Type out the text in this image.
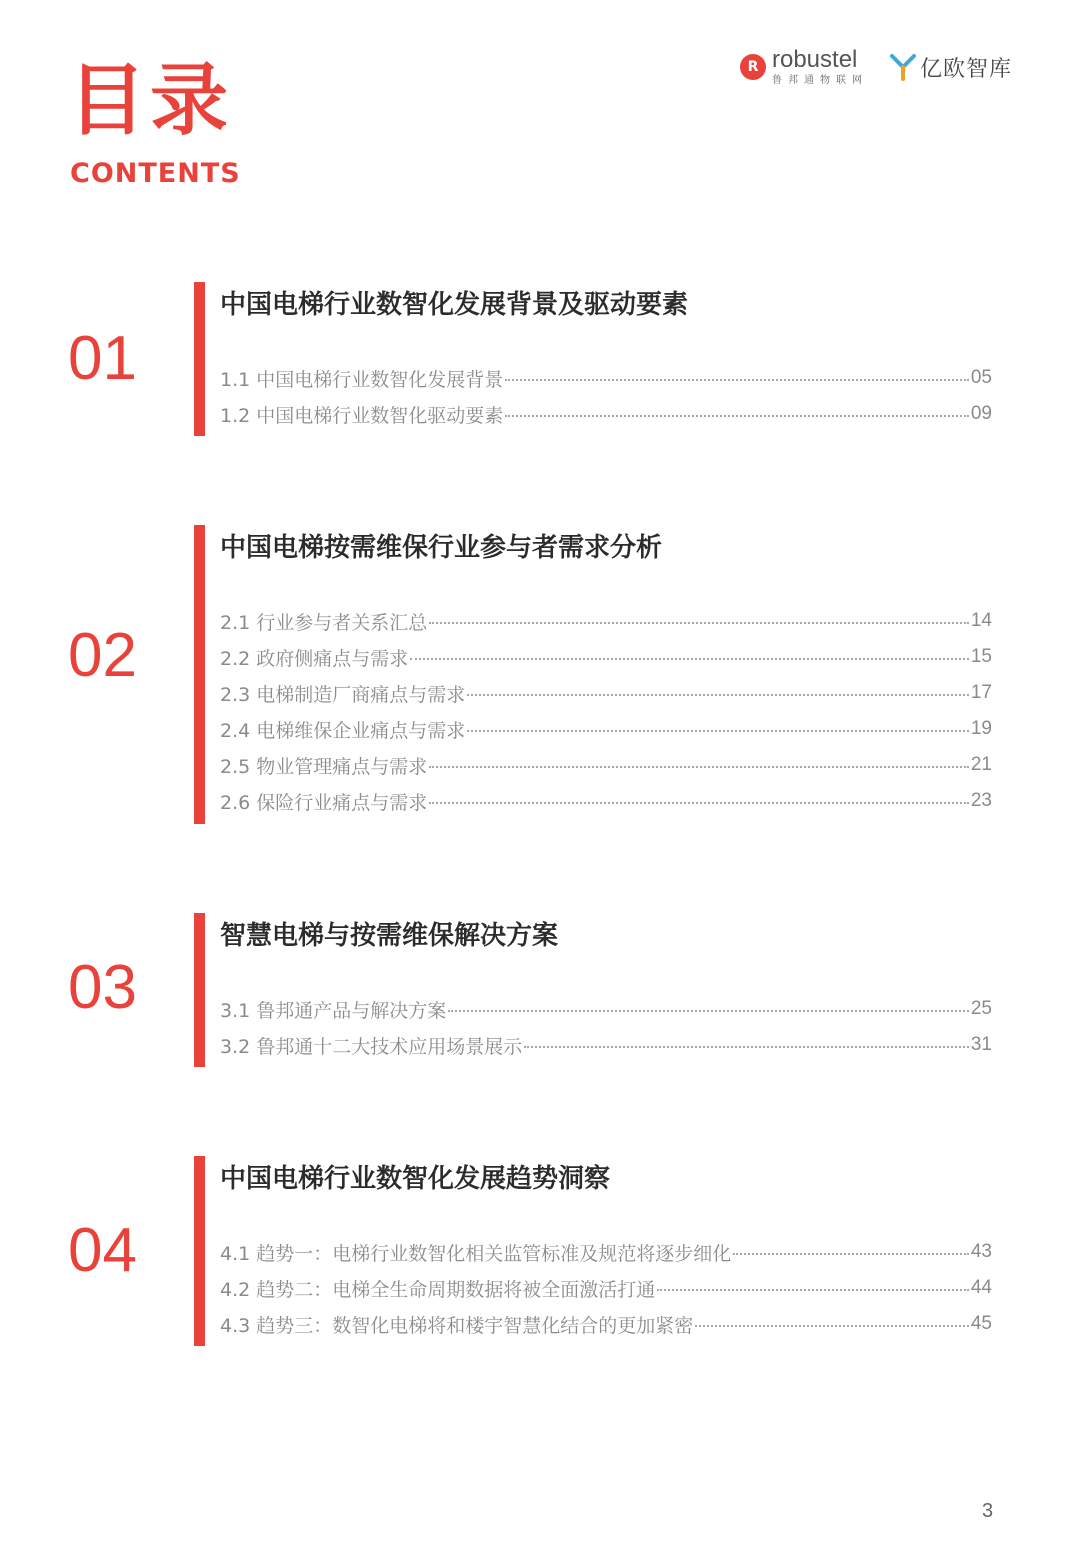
目录
CONTENTS
R robustel
鲁邦通物联网 亿欧智库
01
中国电梯行业数智化发展背景及驱动要素
1.1 中国电梯行业数智化发展背景	05
1.2 中国电梯行业数智化驱动要素	09
02
中国电梯按需维保行业参与者需求分析
2.1 行业参与者关系汇总	14
2.2 政府侧痛点与需求	15
2.3 电梯制造厂商痛点与需求	17
2.4 电梯维保企业痛点与需求	19
2.5 物业管理痛点与需求	21
2.6 保险行业痛点与需求	23
03
智慧电梯与按需维保解决方案
3.1 鲁邦通产品与解决方案	25
3.2 鲁邦通十二大技术应用场景展示	31
04
中国电梯行业数智化发展趋势洞察
4.1 趋势一：电梯行业数智化相关监管标准及规范将逐步细化	43
4.2 趋势二：电梯全生命周期数据将被全面激活打通	44
4.3 趋势三：数智化电梯将和楼宇智慧化结合的更加紧密	45
3
